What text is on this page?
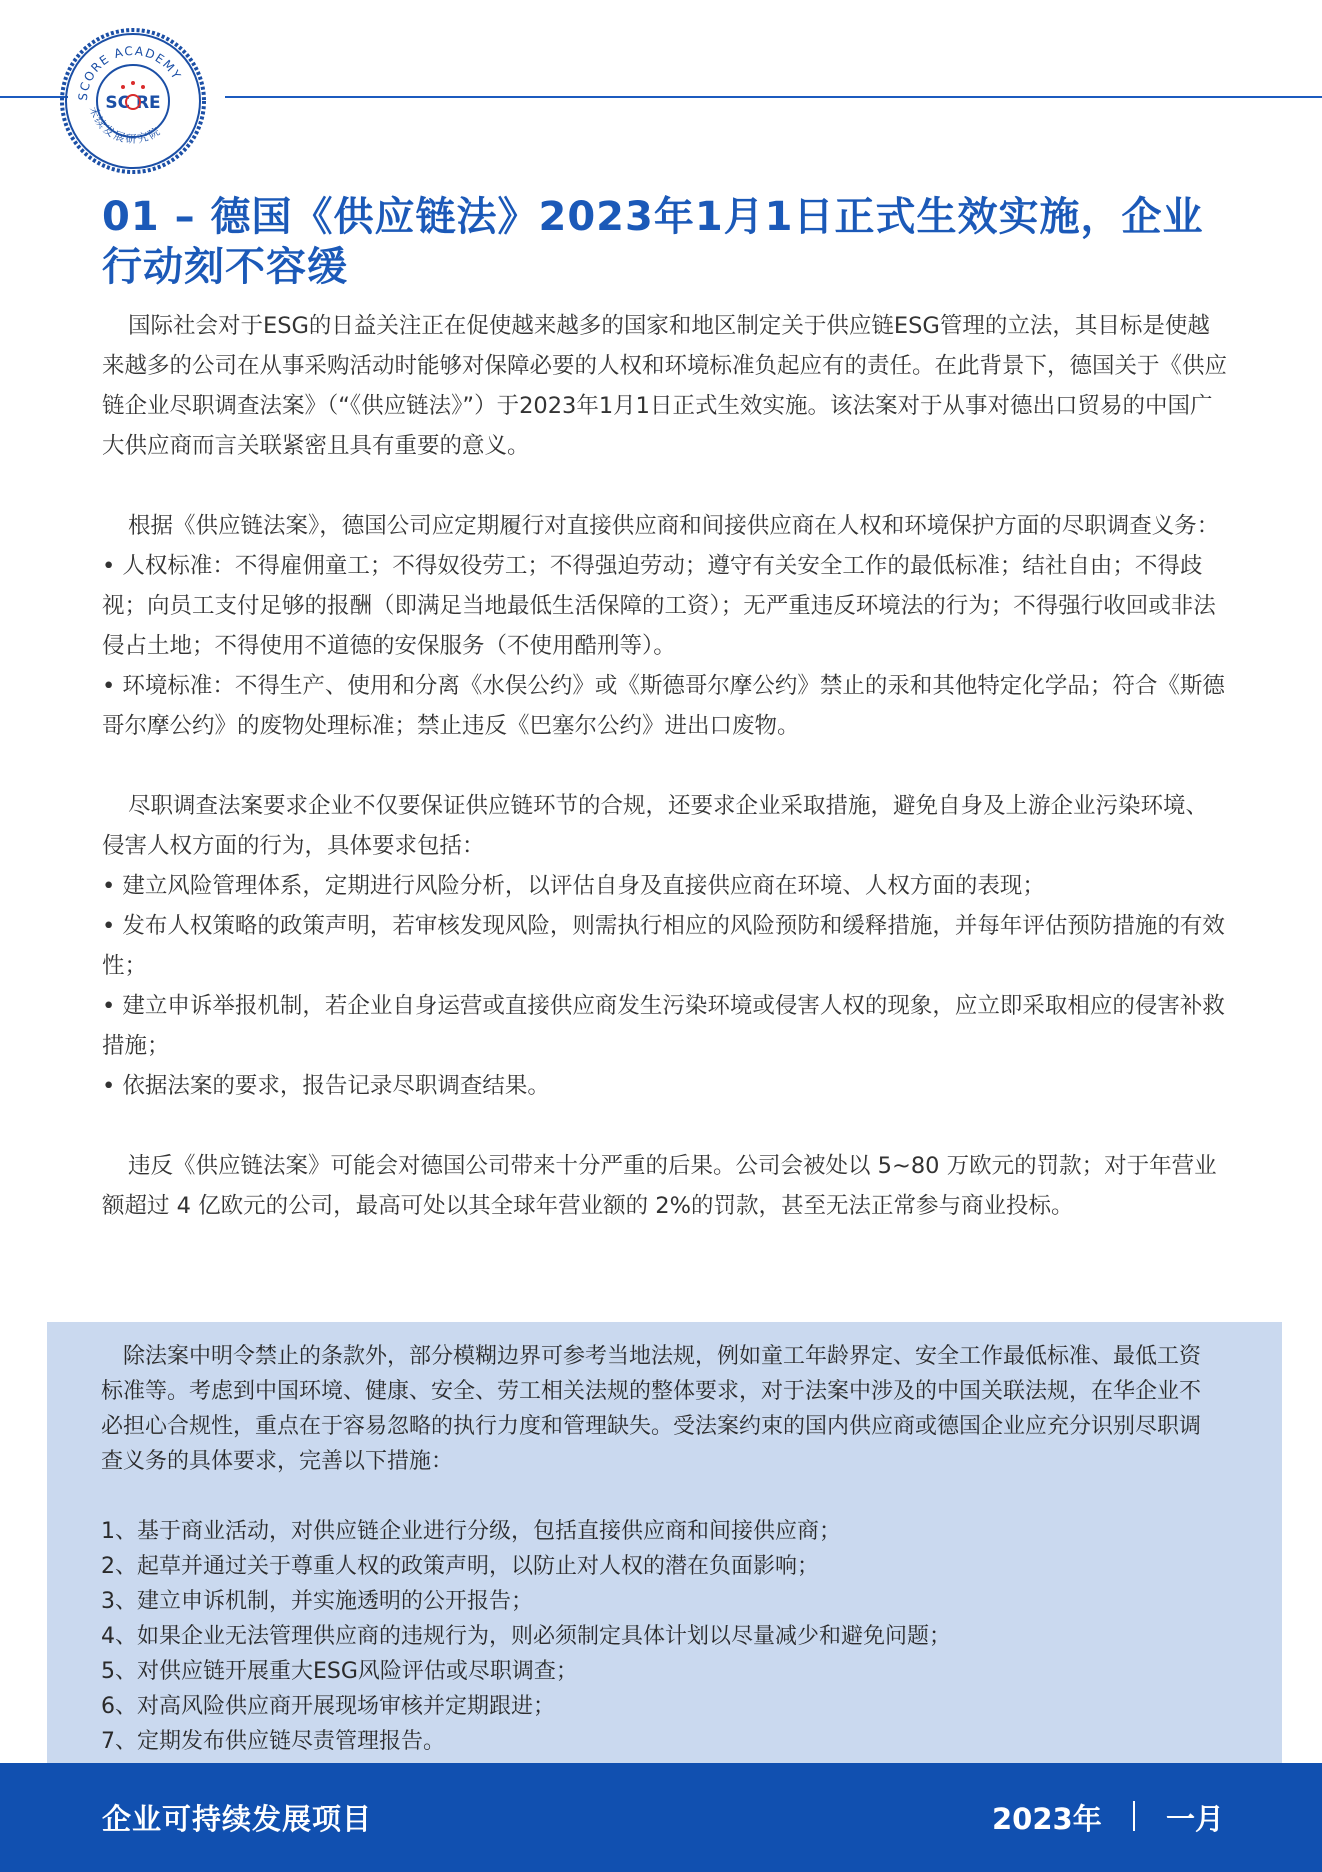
SCORE ACADEMY
未续发展研究院
SC RE
01 – 德国《供应链法》2023年1月1日正式生效实施，企业行动刻不容缓

国际社会对于ESG的日益关注正在促使越来越多的国家和地区制定关于供应链ESG管理的立法，其目标是使越来越多的公司在从事采购活动时能够对保障必要的人权和环境标准负起应有的责任。在此背景下，德国关于《供应链企业尽职调查法案》（“《供应链法》”）于2023年1月1日正式生效实施。该法案对于从事对德出口贸易的中国广大供应商而言关联紧密且具有重要的意义。

根据《供应链法案》，德国公司应定期履行对直接供应商和间接供应商在人权和环境保护方面的尽职调查义务：

• 人权标准：不得雇佣童工；不得奴役劳工；不得强迫劳动；遵守有关安全工作的最低标准；结社自由；不得歧视；向员工支付足够的报酬（即满足当地最低生活保障的工资）；无严重违反环境法的行为；不得强行收回或非法侵占土地；不得使用不道德的安保服务（不使用酷刑等）。

• 环境标准：不得生产、使用和分离《水俣公约》或《斯德哥尔摩公约》禁止的汞和其他特定化学品；符合《斯德哥尔摩公约》的废物处理标准；禁止违反《巴塞尔公约》进出口废物。

尽职调查法案要求企业不仅要保证供应链环节的合规，还要求企业采取措施，避免自身及上游企业污染环境、侵害人权方面的行为，具体要求包括：

• 建立风险管理体系，定期进行风险分析，以评估自身及直接供应商在环境、人权方面的表现；

• 发布人权策略的政策声明，若审核发现风险，则需执行相应的风险预防和缓释措施，并每年评估预防措施的有效性；

• 建立申诉举报机制，若企业自身运营或直接供应商发生污染环境或侵害人权的现象，应立即采取相应的侵害补救措施；

• 依据法案的要求，报告记录尽职调查结果。

违反《供应链法案》可能会对德国公司带来十分严重的后果。公司会被处以 5~80 万欧元的罚款；对于年营业额超过 4 亿欧元的公司，最高可处以其全球年营业额的 2%的罚款，甚至无法正常参与商业投标。

除法案中明令禁止的条款外，部分模糊边界可参考当地法规，例如童工年龄界定、安全工作最低标准、最低工资标准等。考虑到中国环境、健康、安全、劳工相关法规的整体要求，对于法案中涉及的中国关联法规，在华企业不必担心合规性，重点在于容易忽略的执行力度和管理缺失。受法案约束的国内供应商或德国企业应充分识别尽职调查义务的具体要求，完善以下措施：

1、基于商业活动，对供应链企业进行分级，包括直接供应商和间接供应商；

2、起草并通过关于尊重人权的政策声明，以防止对人权的潜在负面影响；

3、建立申诉机制，并实施透明的公开报告；

4、如果企业无法管理供应商的违规行为，则必须制定具体计划以尽量减少和避免问题；

5、对供应链开展重大ESG风险评估或尽职调查；

6、对高风险供应商开展现场审核并定期跟进；

7、定期发布供应链尽责管理报告。

企业可持续发展项目	2023年 一月
